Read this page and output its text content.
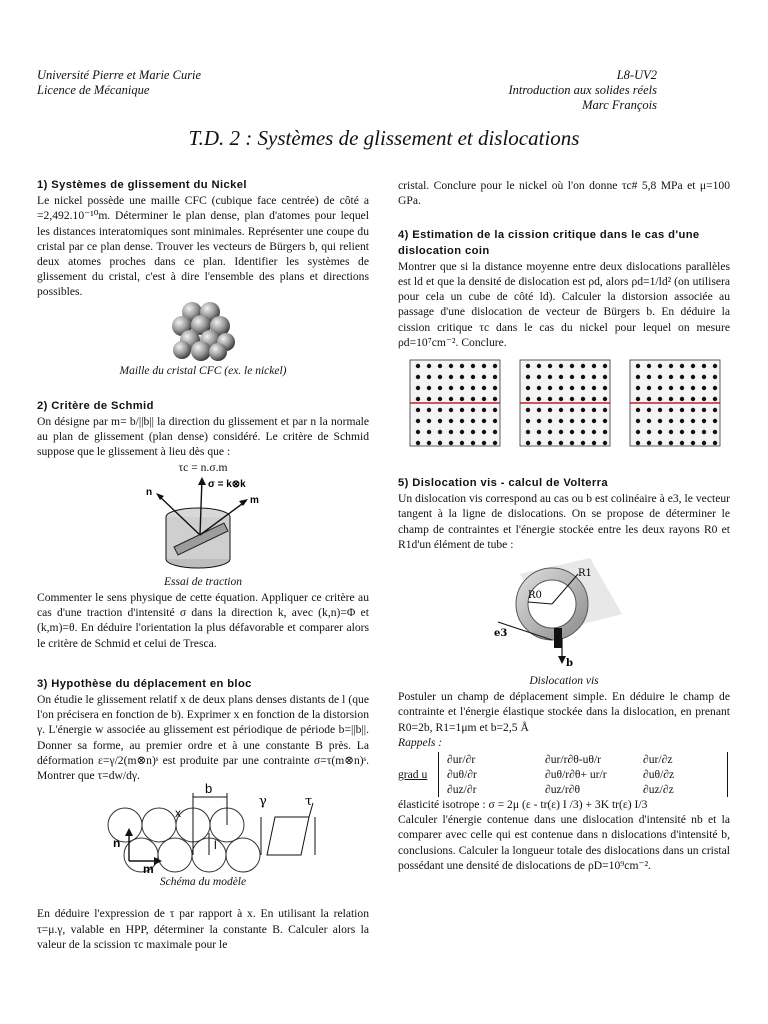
Université Pierre et Marie Curie
Licence de Mécanique
L8-UV2
Introduction aux solides réels
Marc François
T.D. 2 : Systèmes de glissement et dislocations
1) Systèmes de glissement du Nickel

Le nickel possède une maille CFC (cubique face centrée) de côté a =2,492.10⁻¹⁰m. Déterminer le plan dense, plan d'atomes pour lequel les distances interatomiques sont minimales. Représenter une coupe du cristal par ce plan dense. Trouver les vecteurs de Bürgers b, qui relient deux atomes proches dans ce plan. Identifier les systèmes de glissement du cristal, c'est à dire l'ensemble des plans et directions possibles.

Maille du cristal CFC (ex. le nickel)
2) Critère de Schmid

On désigne par m= b/||b|| la direction du glissement et par n la normale au plan de glissement (plan dense) considéré. Le critère de Schmid suppose que le glissement à lieu dès que :

τc = n.σ.m

σ = k⊗k
n
m
Essai de traction

Commenter le sens physique de cette équation. Appliquer ce critère au cas d'une traction d'intensité σ dans la direction k, avec (k,n)=Φ et (k,m)=θ. En déduire l'orientation la plus défavorable et comparer alors le critère de Schmid et celui de Tresca.

3) Hypothèse du déplacement en bloc

On étudie le glissement relatif x de deux plans denses distants de l (que l'on précisera en fonction de b). Exprimer x en fonction de la distorsion γ. L'énergie w associée au glissement est périodique de période b=||b||. Donner sa forme, au premier ordre et à une constante B près. La déformation ε=γ/2(m⊗n)ˢ est produite par une contrainte σ=τ(m⊗n)ˢ. Montrer que τ=dw/dγ.

b
x
l
n
m
γ	τ
Schéma du modèle

En déduire l'expression de τ par rapport à x. En utilisant la relation τ=μ.γ, valable en HPP, déterminer la constante B. Calculer alors la valeur de la scission τc maximale pour le

cristal. Conclure pour le nickel où l'on donne τc# 5,8 MPa et μ=100 GPa.

4) Estimation de la cission critique dans le cas d'une dislocation coin

Montrer que si la distance moyenne entre deux dislocations parallèles est ld et que la densité de dislocation est ρd, alors ρd=1/ld² (on utilisera pour cela un cube de côté ld). Calculer la distorsion associée au passage d'une dislocation de vecteur de Bürgers b. En déduire la cission critique τc dans le cas du nickel pour lequel on mesure ρd=10⁷cm⁻². Conclure.

5) Dislocation vis - calcul de Volterra

Un dislocation vis correspond au cas ou b est colinéaire à e3, le vecteur tangent à la ligne de dislocations. On se propose de déterminer le champ de contraintes et l'énergie stockée entre les deux rayons R0 et R1d'un élément de tube :

R1
R0
e3
b
Dislocation vis

Postuler un champ de déplacement simple. En déduire le champ de contrainte et l'énergie élastique stockée dans la dislocation, en prenant R0=2b, R1=1μm et b=2,5 Å

Rappels :

grad u
∂ur/∂r	∂ur/r∂θ-uθ/r	∂ur/∂z
∂uθ/∂r	∂uθ/r∂θ+ ur/r	∂uθ/∂z
∂uz/∂r	∂uz/r∂θ	∂uz/∂z

élasticité isotrope : σ = 2μ (ε - tr(ε) I /3) + 3K tr(ε) I/3

Calculer l'énergie contenue dans une dislocation d'intensité nb et la comparer avec celle qui est contenue dans n dislocations d'intensité b, conclusions. Calculer la longueur totale des dislocations dans un cristal possédant une densité de dislocations de ρD=10⁹cm⁻².
